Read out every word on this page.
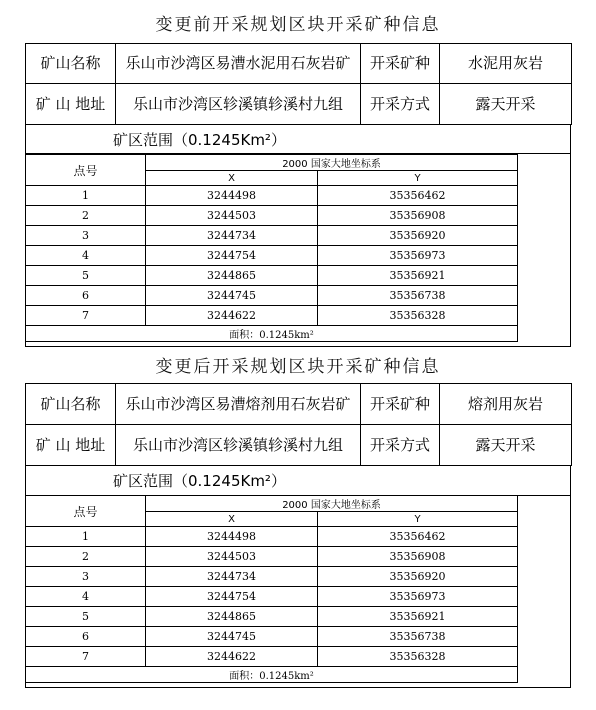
变更前开采规划区块开采矿种信息
矿山名称	乐山市沙湾区易漕水泥用石灰岩矿	开采矿种	水泥用灰岩
矿 山 地址	乐山市沙湾区轸溪镇轸溪村九组	开采方式	露天开采
矿区范围（0.1245Km²）
点号	2000 国家大地坐标系		
	X	Y	
1	3244498	35356462	
2	3244503	35356908	
3	3244734	35356920	
4	3244754	35356973	
5	3244865	35356921	
6	3244745	35356738	
7	3244622	35356328	
面积：0.1245km²			
变更后开采规划区块开采矿种信息
矿山名称	乐山市沙湾区易漕熔剂用石灰岩矿	开采矿种	熔剂用灰岩
矿 山 地址	乐山市沙湾区轸溪镇轸溪村九组	开采方式	露天开采
矿区范围（0.1245Km²）
点号	2000 国家大地坐标系		
	X	Y	
1	3244498	35356462	
2	3244503	35356908	
3	3244734	35356920	
4	3244754	35356973	
5	3244865	35356921	
6	3244745	35356738	
7	3244622	35356328	
面积：0.1245km²			
